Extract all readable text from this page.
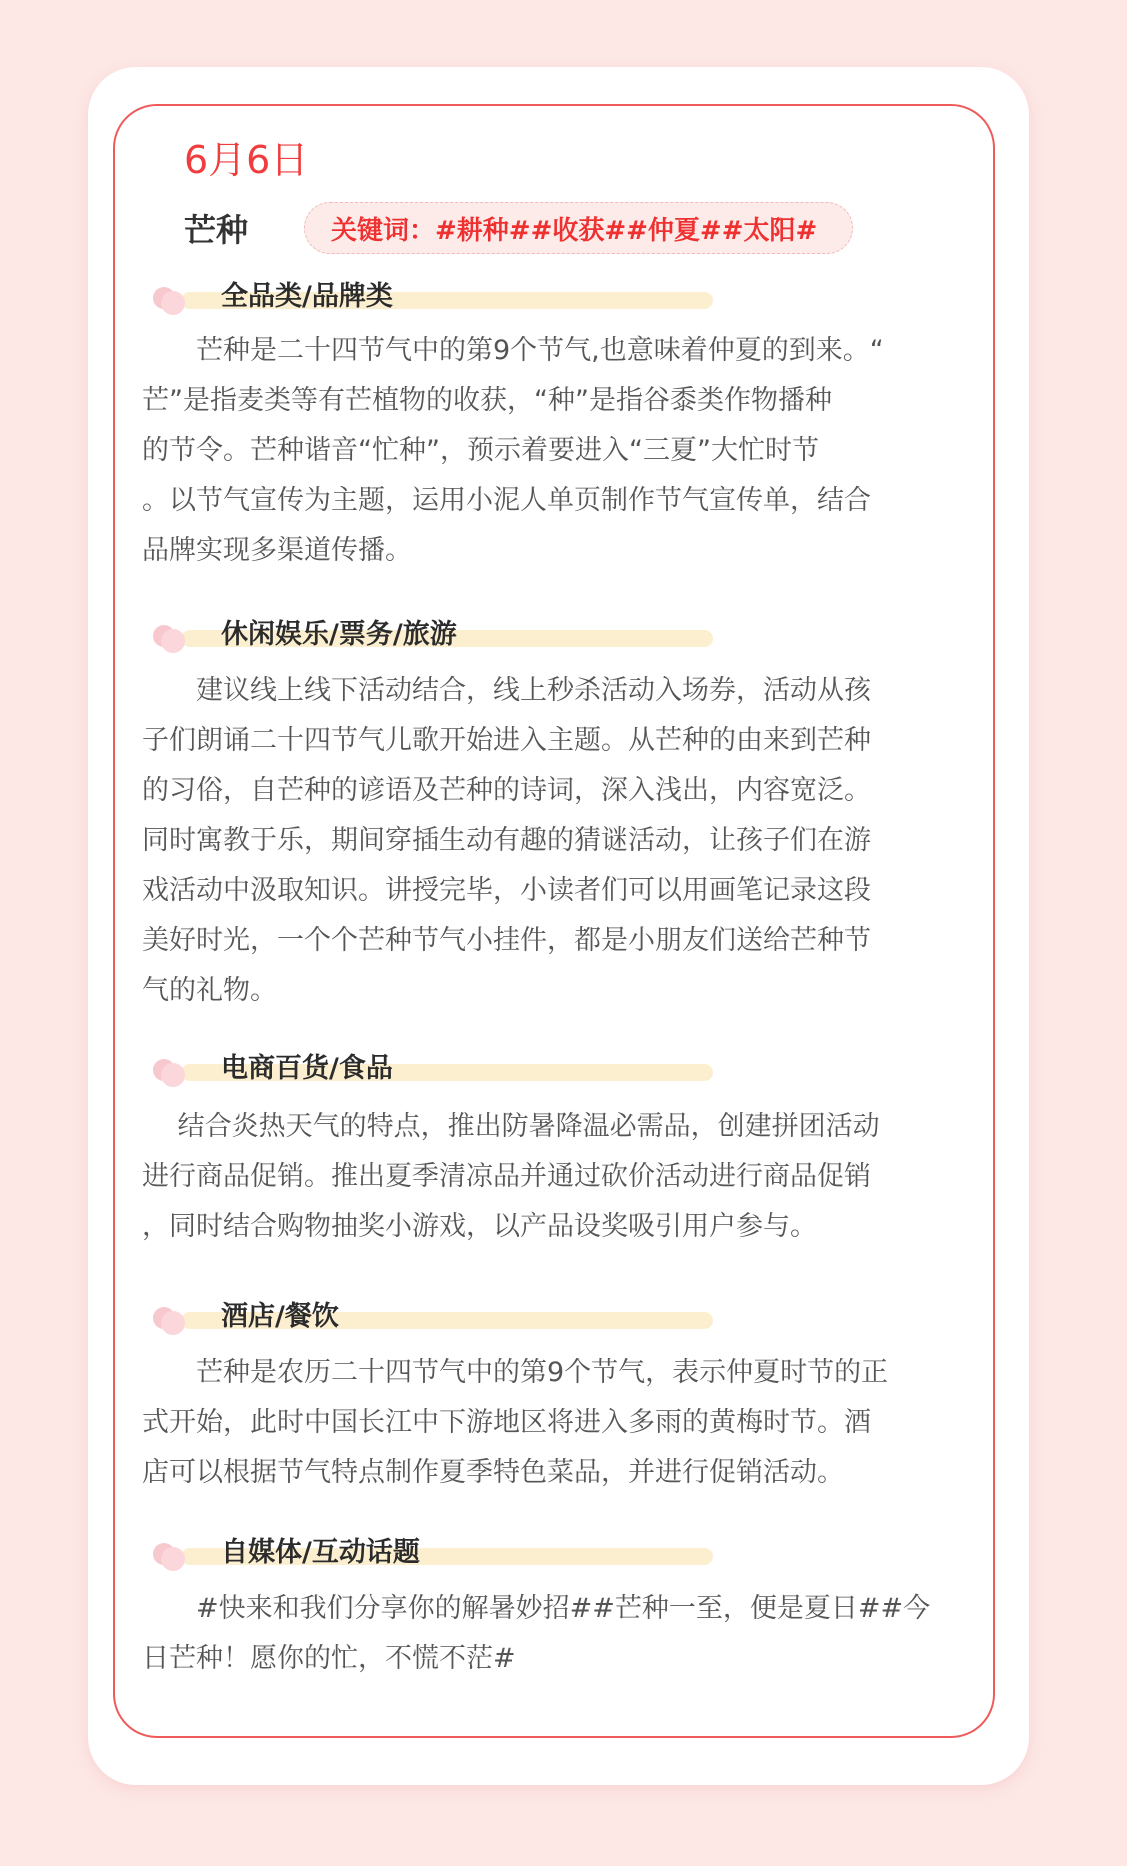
6月6日
芒种	关键词：#耕种##收获##仲夏##太阳#
全品类/品牌类
　　芒种是二十四节气中的第9个节气,也意味着仲夏的到来。“
芒”是指麦类等有芒植物的收获，“种”是指谷黍类作物播种
的节令。芒种谐音“忙种”，预示着要进入“三夏”大忙时节
。以节气宣传为主题，运用小泥人单页制作节气宣传单，结合
品牌实现多渠道传播。
休闲娱乐/票务/旅游
　　建议线上线下活动结合，线上秒杀活动入场券，活动从孩
子们朗诵二十四节气儿歌开始进入主题。从芒种的由来到芒种
的习俗，自芒种的谚语及芒种的诗词，深入浅出，内容宽泛。
同时寓教于乐，期间穿插生动有趣的猜谜活动，让孩子们在游
戏活动中汲取知识。讲授完毕，小读者们可以用画笔记录这段
美好时光，一个个芒种节气小挂件，都是小朋友们送给芒种节
气的礼物。
电商百货/食品
　 结合炎热天气的特点，推出防暑降温必需品，创建拼团活动
进行商品促销。推出夏季清凉品并通过砍价活动进行商品促销
，同时结合购物抽奖小游戏，以产品设奖吸引用户参与。
酒店/餐饮
　　芒种是农历二十四节气中的第9个节气，表示仲夏时节的正
式开始，此时中国长江中下游地区将进入多雨的黄梅时节。酒
店可以根据节气特点制作夏季特色菜品，并进行促销活动。
自媒体/互动话题
　　#快来和我们分享你的解暑妙招##芒种一至，便是夏日##今
日芒种！愿你的忙，不慌不茫#
